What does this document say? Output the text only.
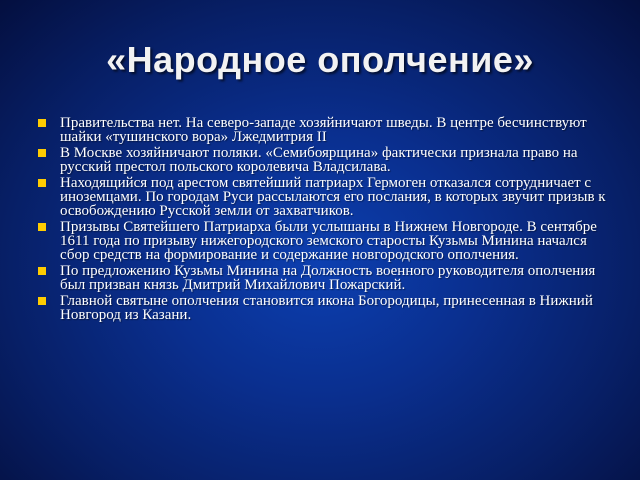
«Народное ополчение»
Правительства нет. На северо-западе хозяйничают шведы. В центре бесчинствуют шайки «тушинского вора» Лжедмитрия II
В Москве хозяйничают поляки. «Семибоярщина» фактически признала право на русский престол польского королевича Владсилава.
Находящийся под арестом святейший патриарх Гермоген отказался сотрудничает с иноземцами. По городам Руси рассылаются его послания, в которых звучит призыв к освобождению Русской земли от захватчиков.
Призывы Святейшего Патриарха были услышаны в Нижнем Новгороде. В сентябре 1611 года по призыву нижегородского земского старосты Кузьмы Минина начался сбор средств на формирование и содержание новгородского ополчения.
По предложению Кузьмы Минина на Должность военного руководителя ополчения был призван князь Дмитрий Михайлович Пожарский.
Главной святыне ополчения становится икона Богородицы, принесенная в Нижний Новгород из Казани.
